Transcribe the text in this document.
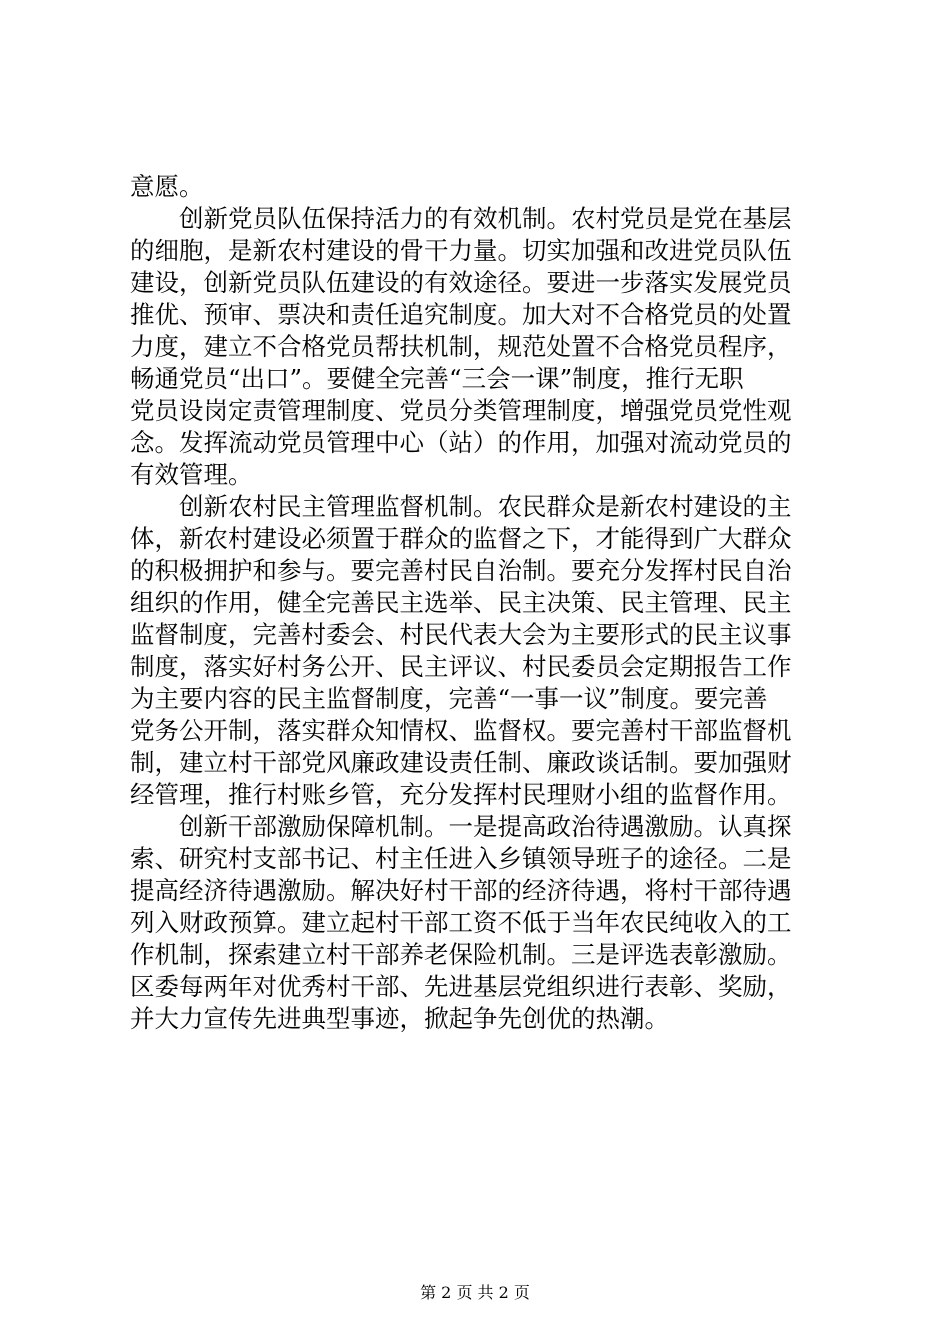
意愿。
创新党员队伍保持活力的有效机制。农村党员是党在基层
的细胞，是新农村建设的骨干力量。切实加强和改进党员队伍
建设，创新党员队伍建设的有效途径。要进一步落实发展党员
推优、预审、票决和责任追究制度。加大对不合格党员的处置
力度，建立不合格党员帮扶机制，规范处置不合格党员程序，
畅通党员“出口”。要健全完善“三会一课”制度，推行无职
党员设岗定责管理制度、党员分类管理制度，增强党员党性观
念。发挥流动党员管理中心（站）的作用，加强对流动党员的
有效管理。
创新农村民主管理监督机制。农民群众是新农村建设的主
体，新农村建设必须置于群众的监督之下，才能得到广大群众
的积极拥护和参与。要完善村民自治制。要充分发挥村民自治
组织的作用，健全完善民主选举、民主决策、民主管理、民主
监督制度，完善村委会、村民代表大会为主要形式的民主议事
制度，落实好村务公开、民主评议、村民委员会定期报告工作
为主要内容的民主监督制度，完善“一事一议”制度。要完善
党务公开制，落实群众知情权、监督权。要完善村干部监督机
制，建立村干部党风廉政建设责任制、廉政谈话制。要加强财
经管理，推行村账乡管，充分发挥村民理财小组的监督作用。
创新干部激励保障机制。一是提高政治待遇激励。认真探
索、研究村支部书记、村主任进入乡镇领导班子的途径。二是
提高经济待遇激励。解决好村干部的经济待遇，将村干部待遇
列入财政预算。建立起村干部工资不低于当年农民纯收入的工
作机制，探索建立村干部养老保险机制。三是评选表彰激励。
区委每两年对优秀村干部、先进基层党组织进行表彰、奖励，
并大力宣传先进典型事迹，掀起争先创优的热潮。
第 2 页 共 2 页
